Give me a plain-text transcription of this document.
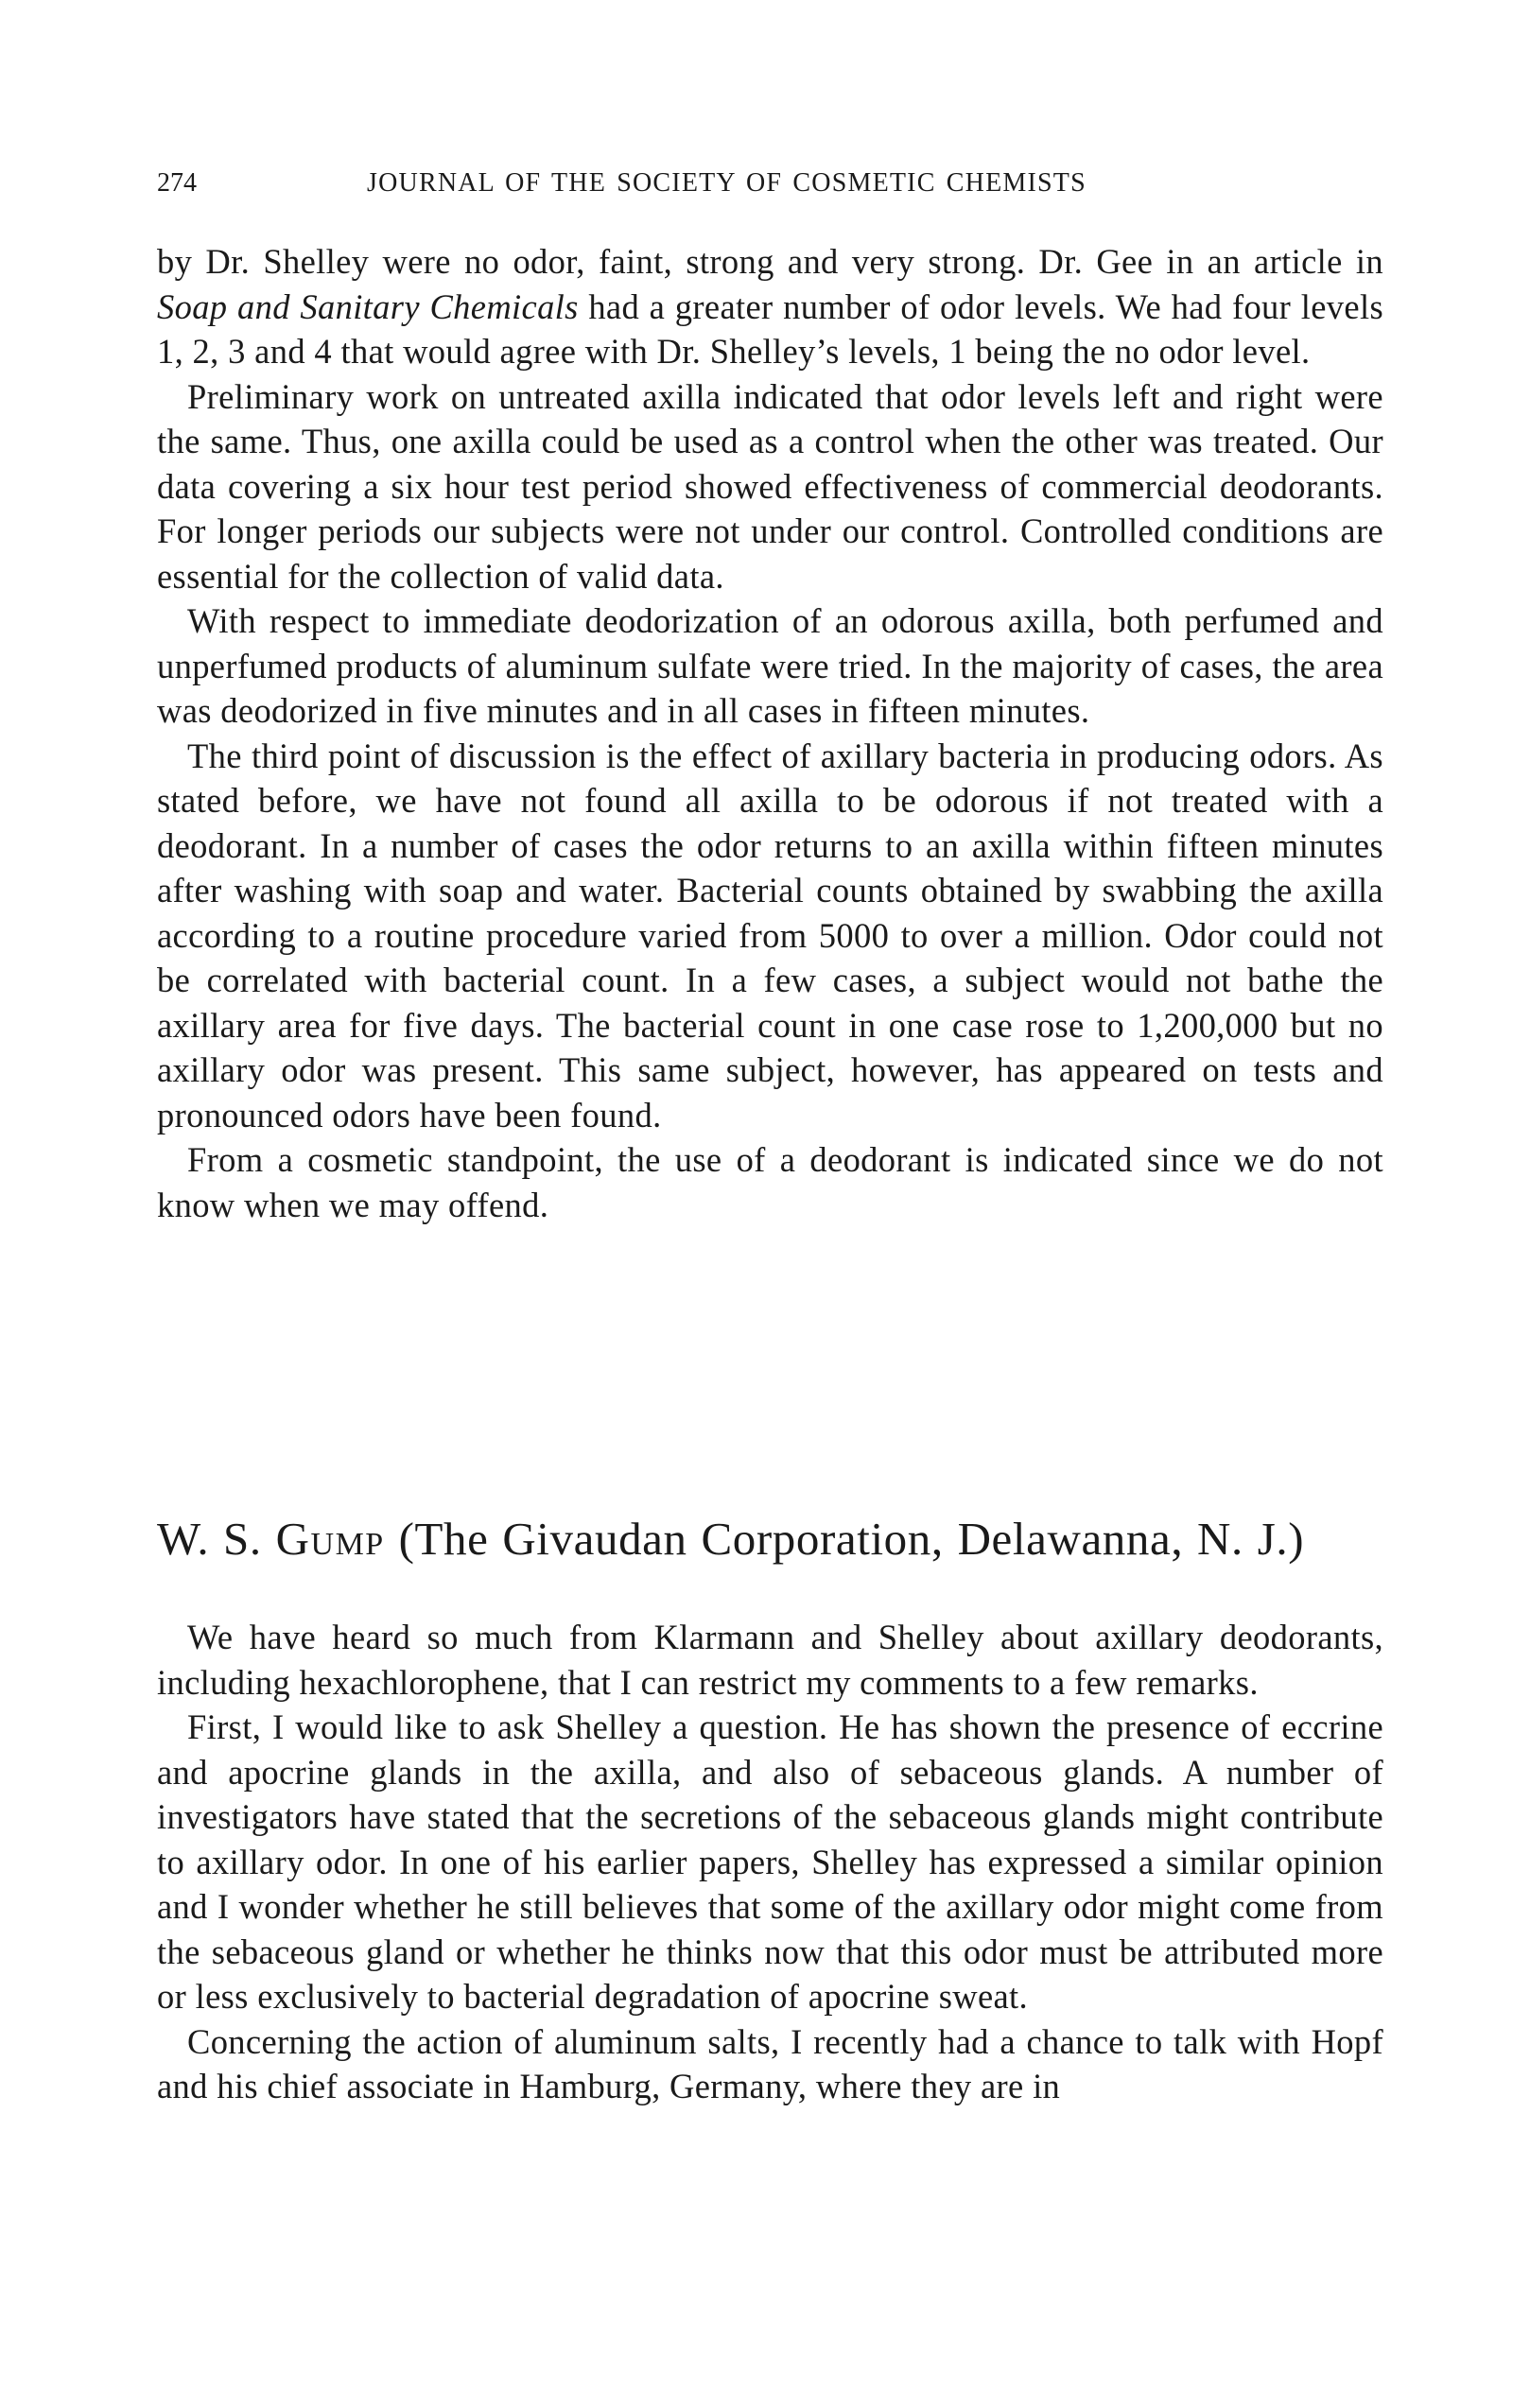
274	JOURNAL OF THE SOCIETY OF COSMETIC CHEMISTS

by Dr. Shelley were no odor, faint, strong and very strong. Dr. Gee in an article in Soap and Sanitary Chemicals had a greater number of odor levels. We had four levels 1, 2, 3 and 4 that would agree with Dr. Shelley’s levels, 1 being the no odor level.

Preliminary work on untreated axilla indicated that odor levels left and right were the same. Thus, one axilla could be used as a control when the other was treated. Our data covering a six hour test period showed effectiveness of commercial deodorants. For longer periods our subjects were not under our control. Controlled conditions are essential for the collection of valid data.

With respect to immediate deodorization of an odorous axilla, both perfumed and unperfumed products of aluminum sulfate were tried. In the majority of cases, the area was deodorized in five minutes and in all cases in fifteen minutes.

The third point of discussion is the effect of axillary bacteria in producing odors. As stated before, we have not found all axilla to be odorous if not treated with a deodorant. In a number of cases the odor returns to an axilla within fifteen minutes after washing with soap and water. Bacterial counts obtained by swabbing the axilla according to a routine procedure varied from 5000 to over a million. Odor could not be correlated with bacterial count. In a few cases, a subject would not bathe the axillary area for five days. The bacterial count in one case rose to 1,200,000 but no axillary odor was present. This same subject, however, has appeared on tests and pronounced odors have been found.

From a cosmetic standpoint, the use of a deodorant is indicated since we do not know when we may offend.

W. S. Gump (The Givaudan Corporation, Delawanna, N. J.)

We have heard so much from Klarmann and Shelley about axillary deodorants, including hexachlorophene, that I can restrict my comments to a few remarks.

First, I would like to ask Shelley a question. He has shown the presence of eccrine and apocrine glands in the axilla, and also of sebaceous glands. A number of investigators have stated that the secretions of the sebaceous glands might contribute to axillary odor. In one of his earlier papers, Shelley has expressed a similar opinion and I wonder whether he still believes that some of the axillary odor might come from the sebaceous gland or whether he thinks now that this odor must be attributed more or less exclusively to bacterial degradation of apocrine sweat.

Concerning the action of aluminum salts, I recently had a chance to talk with Hopf and his chief associate in Hamburg, Germany, where they are in
